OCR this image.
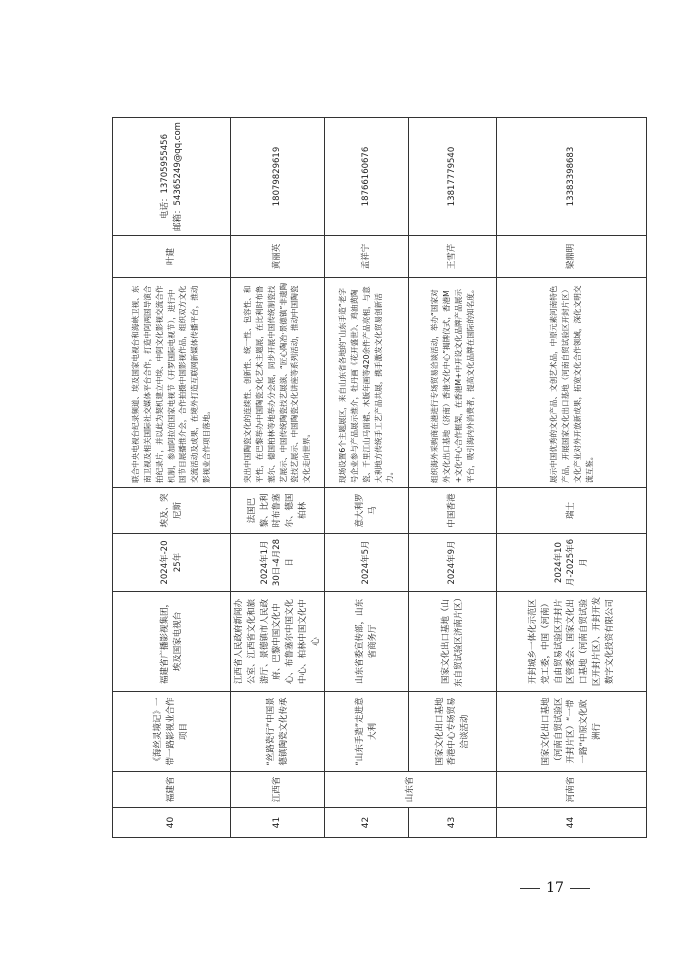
40	福建省	《海丝灵境记》一带一路影视业合作项目	福建省广播影视集团，埃及国家电视台	2024年-2025年	埃及、突尼斯	联合中央电视台纪录频道、埃及国家电视台和海峡卫视、东南卫视及相关国际社交媒体平台合作，打造中阿两国导演合拍纪录片，并以此为契机建立中埃、中阿文化影视交流合作机制，参加阿拉伯国家电视节（开罗国际电视节），进行中国节目展播推介会，合作拍摄中国影视作品，组织双方文化交流活动及成果，在境外打造互联网新媒体传播平台，推动影视业合作项目落地。	叶建	电话：13705955456
邮箱：54365249@qq.com
41	江西省	“丝路瓷行”中国景德镇陶瓷文化传承	江西省人民政府新闻办公室、江西省文化和旅游厅、景德镇市人民政府、巴黎中国文化中心、布鲁塞尔中国文化中心、柏林中国文化中心	2024年1月30日-4月28日	法国巴黎、比利时布鲁塞尔、德国柏林	突出中国陶瓷文化的连续性、创新性、统一性、包容性、和平性，在巴黎举办中国陶瓷文化艺术主题展，在比利时布鲁塞尔、德国柏林等地举办分会展，同步开展中国传统制瓷技艺展示、中国传统陶瓷技艺展演、“匠心陶冶·景德镇”非遗陶瓷技艺展示、中国陶瓷文化讲座等系列活动，推动中国陶瓷文化走向世界。	黄丽英	18079829619
42	山东省	“山东手造”走进意大利	山东省委宣传部，山东省商务厅	2024年5月	意大利罗马	现场设置6个主题展区，来自山东省各地的“山东手造”老字号企业参与产品展示推介，牡丹画《花开盛世》、鸡油黄陶瓷、千里江山马面裙、木版年画等420余件产品亮相，与意大利地方传统手工艺产品共展，携手激发文化贸易创新活力。	孟祥宁	18766160676
43		国家文化出口基地香港中心专场贸易洽谈活动	国家文化出口基地（山东自贸试验区济南片区）	2024年9月	中国香港	组织海外采购商在港进行专场贸易洽谈活动，举办“国家对外文化出口基地（济南）香港文化中心”揭牌仪式，香港M+文化中心合作框架，在香港M+中开设文化品牌产品展示平台，吸引海内外消费者，提高文化品牌在国际的知名度。	王雪芹	13817779540
44	河南省	国家文化出口基地（河南自贸试验区开封片区）“一带一路”中原文化欧洲行	开封城乡一体化示范区党工委，中国（河南）自由贸易试验区开封片区管委会、国家文化出口基地（河南自贸试验区开封片区）、开封开发数字文化投资有限公司	2024年10月-2025年6月	瑞士	展示中国优秀的文化产品、文创艺术品，中原元素河南特色产品，开展国家文化出口基地（河南自贸试验区开封片区）文化产业对外开放新成果，拓宽文化合作领域，深化文明交流互鉴。	梁鼎明	13383398683
17
